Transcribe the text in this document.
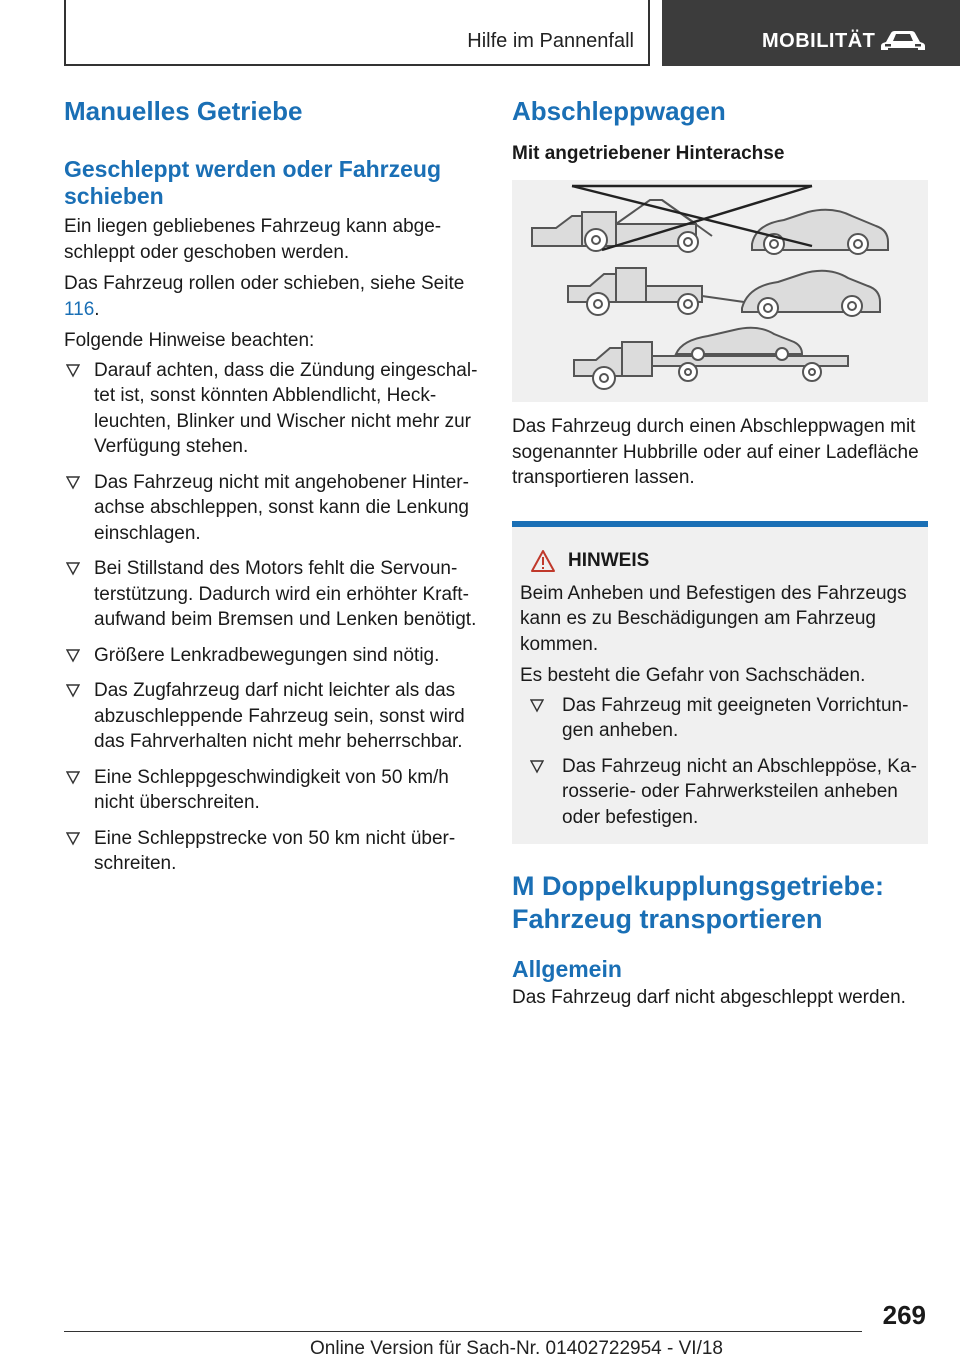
Hilfe im Pannenfall	MOBILITÄT
Manuelles Getriebe
Geschleppt werden oder Fahrzeug schieben

Ein liegen gebliebenes Fahrzeug kann abgeschleppt oder geschoben werden.

Das Fahrzeug rollen oder schieben, siehe Seite 116.

Folgende Hinweise beachten:

Darauf achten, dass die Zündung eingeschaltet ist, sonst könnten Abblendlicht, Heckleuchten, Blinker und Wischer nicht mehr zur Verfügung stehen.
Das Fahrzeug nicht mit angehobener Hinterachse abschleppen, sonst kann die Lenkung einschlagen.
Bei Stillstand des Motors fehlt die Servounterstützung. Dadurch wird ein erhöhter Kraftaufwand beim Bremsen und Lenken benötigt.
Größere Lenkradbewegungen sind nötig.
Das Zugfahrzeug darf nicht leichter als das abzuschleppende Fahrzeug sein, sonst wird das Fahrverhalten nicht mehr beherrschbar.
Eine Schleppgeschwindigkeit von 50 km/h nicht überschreiten.
Eine Schleppstrecke von 50 km nicht überschreiten.
Abschleppwagen
Mit angetriebener Hinterachse

Das Fahrzeug durch einen Abschleppwagen mit sogenannter Hubbrille oder auf einer Ladefläche transportieren lassen.

HINWEIS

Beim Anheben und Befestigen des Fahrzeugs kann es zu Beschädigungen am Fahrzeug kommen.

Es besteht die Gefahr von Sachschäden.

Das Fahrzeug mit geeigneten Vorrichtungen anheben.
Das Fahrzeug nicht an Abschleppöse, Karosserie- oder Fahrwerksteilen anheben oder befestigen.
M Doppelkupplungsgetriebe: Fahrzeug transportieren
Allgemein

Das Fahrzeug darf nicht abgeschleppt werden.

269
Online Version für Sach-Nr. 01402722954 - VI/18
